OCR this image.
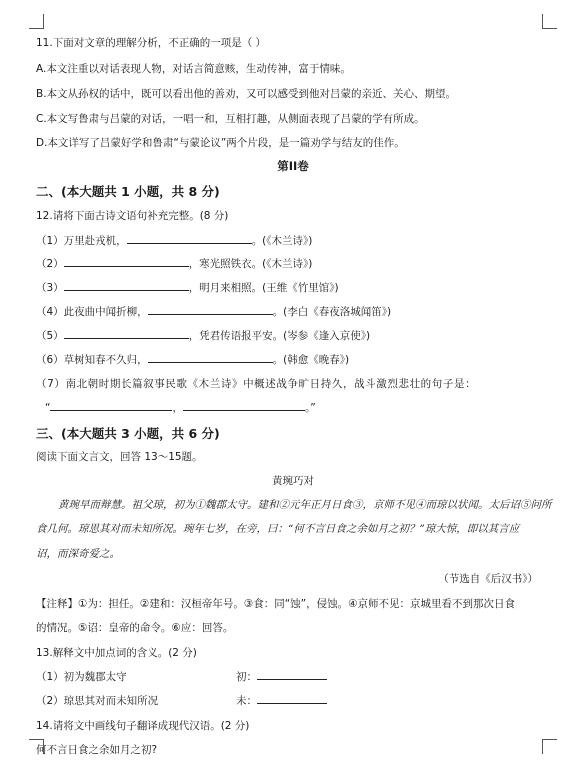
11.下面对文章的理解分析，不正确的一项是（ ）
A.本文注重以对话表现人物，对话言简意赅，生动传神，富于情味。
B.本文从孙权的话中，既可以看出他的善劝，又可以感受到他对吕蒙的亲近、关心、期望。
C.本文写鲁肃与吕蒙的对话，一唱一和，互相打趣，从侧面表现了吕蒙的学有所成。
D.本文详写了吕蒙好学和鲁肃“与蒙论议”两个片段，是一篇劝学与结友的佳作。
第II卷
二、(本大题共 1 小题，共 8 分)
12.请将下面古诗文语句补充完整。(8 分)
（1）万里赴戎机，	。(《木兰诗》)
（2）	，寒光照铁衣。(《木兰诗》)
（3）	，明月来相照。(王维《竹里馆》)
（4）此夜曲中闻折柳，	。(李白《春夜洛城闻笛》)
（5）	，凭君传语报平安。(岑参《逢入京使》)
（6）草树知春不久归，	。(韩愈《晚春》)
（7）南北朝时期长篇叙事民歌《木兰诗》中概述战争旷日持久，战斗激烈悲壮的句子是：
“	，	。”
三、(本大题共 3 小题，共 6 分)
阅读下面文言文，回答 13～15题。
黄琬巧对
黄琬早而辩慧。祖父琼，初为①魏郡太守。建和②元年正月日食③，京师不见④而琼以状闻。太后诏⑤问所
食几何。琼思其对而未知所况。琬年七岁，在旁，曰：“何不言日食之余如月之初？”琼大惊，即以其言应
诏，而深奇爱之。
（节选自《后汉书》）
【注释】①为：担任。②建和：汉桓帝年号。③食：同“蚀”，侵蚀。④京师不见：京城里看不到那次日食
的情况。⑤诏：皇帝的命令。⑥应：回答。
13.解释文中加点词的含义。(2 分)
（1）初为魏郡太守	初：
（2）琼思其对而未知所况	未：
14.请将文中画线句子翻译成现代汉语。(2 分)
何不言日食之余如月之初?
